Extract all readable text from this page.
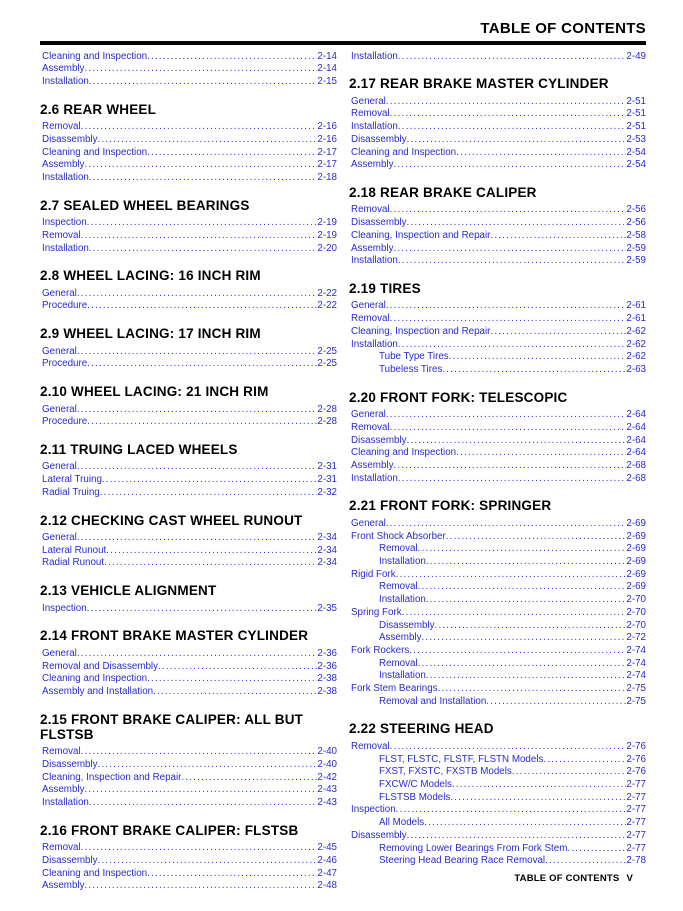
TABLE OF CONTENTS
Cleaning and Inspection .....	2-14
Assembly .....	2-14
Installation .....	2-15
2.6 REAR WHEEL
Removal .....	2-16
Disassembly .....	2-16
Cleaning and Inspection .....	2-17
Assembly .....	2-17
Installation .....	2-18
2.7 SEALED WHEEL BEARINGS
Inspection .....	2-19
Removal .....	2-19
Installation .....	2-20
2.8 WHEEL LACING: 16 INCH RIM
General .....	2-22
Procedure .....	2-22
2.9 WHEEL LACING: 17 INCH RIM
General .....	2-25
Procedure .....	2-25
2.10 WHEEL LACING: 21 INCH RIM
General .....	2-28
Procedure .....	2-28
2.11 TRUING LACED WHEELS
General .....	2-31
Lateral Truing .....	2-31
Radial Truing .....	2-32
2.12 CHECKING CAST WHEEL RUNOUT
General .....	2-34
Lateral Runout .....	2-34
Radial Runout .....	2-34
2.13 VEHICLE ALIGNMENT
Inspection .....	2-35
2.14 FRONT BRAKE MASTER CYLINDER
General .....	2-36
Removal and Disassembly .....	2-36
Cleaning and Inspection .....	2-38
Assembly and Installation .....	2-38
2.15 FRONT BRAKE CALIPER: ALL BUT FLSTSB
Removal .....	2-40
Disassembly .....	2-40
Cleaning, Inspection and Repair .....	2-42
Assembly .....	2-43
Installation .....	2-43
2.16 FRONT BRAKE CALIPER: FLSTSB
Removal .....	2-45
Disassembly .....	2-46
Cleaning and Inspection .....	2-47
Assembly .....	2-48
Installation .....	2-49
2.17 REAR BRAKE MASTER CYLINDER
General .....	2-51
Removal .....	2-51
Installation .....	2-51
Disassembly .....	2-53
Cleaning and Inspection .....	2-54
Assembly .....	2-54
2.18 REAR BRAKE CALIPER
Removal .....	2-56
Disassembly .....	2-56
Cleaning, Inspection and Repair .....	2-58
Assembly .....	2-59
Installation .....	2-59
2.19 TIRES
General .....	2-61
Removal .....	2-61
Cleaning, Inspection and Repair .....	2-62
Installation .....	2-62
Tube Type Tires .....	2-62
Tubeless Tires .....	2-63
2.20 FRONT FORK: TELESCOPIC
General .....	2-64
Removal .....	2-64
Disassembly .....	2-64
Cleaning and Inspection .....	2-64
Assembly .....	2-68
Installation .....	2-68
2.21 FRONT FORK: SPRINGER
General .....	2-69
Front Shock Absorber .....	2-69
Removal .....	2-69
Installation .....	2-69
Rigid Fork .....	2-69
Removal .....	2-69
Installation .....	2-70
Spring Fork .....	2-70
Disassembly .....	2-70
Assembly .....	2-72
Fork Rockers .....	2-74
Removal .....	2-74
Installation .....	2-74
Fork Stem Bearings .....	2-75
Removal and Installation .....	2-75
2.22 STEERING HEAD
Removal .....	2-76
FLST, FLSTC, FLSTF, FLSTN Models .....	2-76
FXST, FXSTC, FXSTB Models .....	2-76
FXCW/C Models .....	2-77
FLSTSB Models .....	2-77
Inspection .....	2-77
All Models .....	2-77
Disassembly .....	2-77
Removing Lower Bearings From Fork Stem .....	2-77
Steering Head Bearing Race Removal .....	2-78
TABLE OF CONTENTS V
